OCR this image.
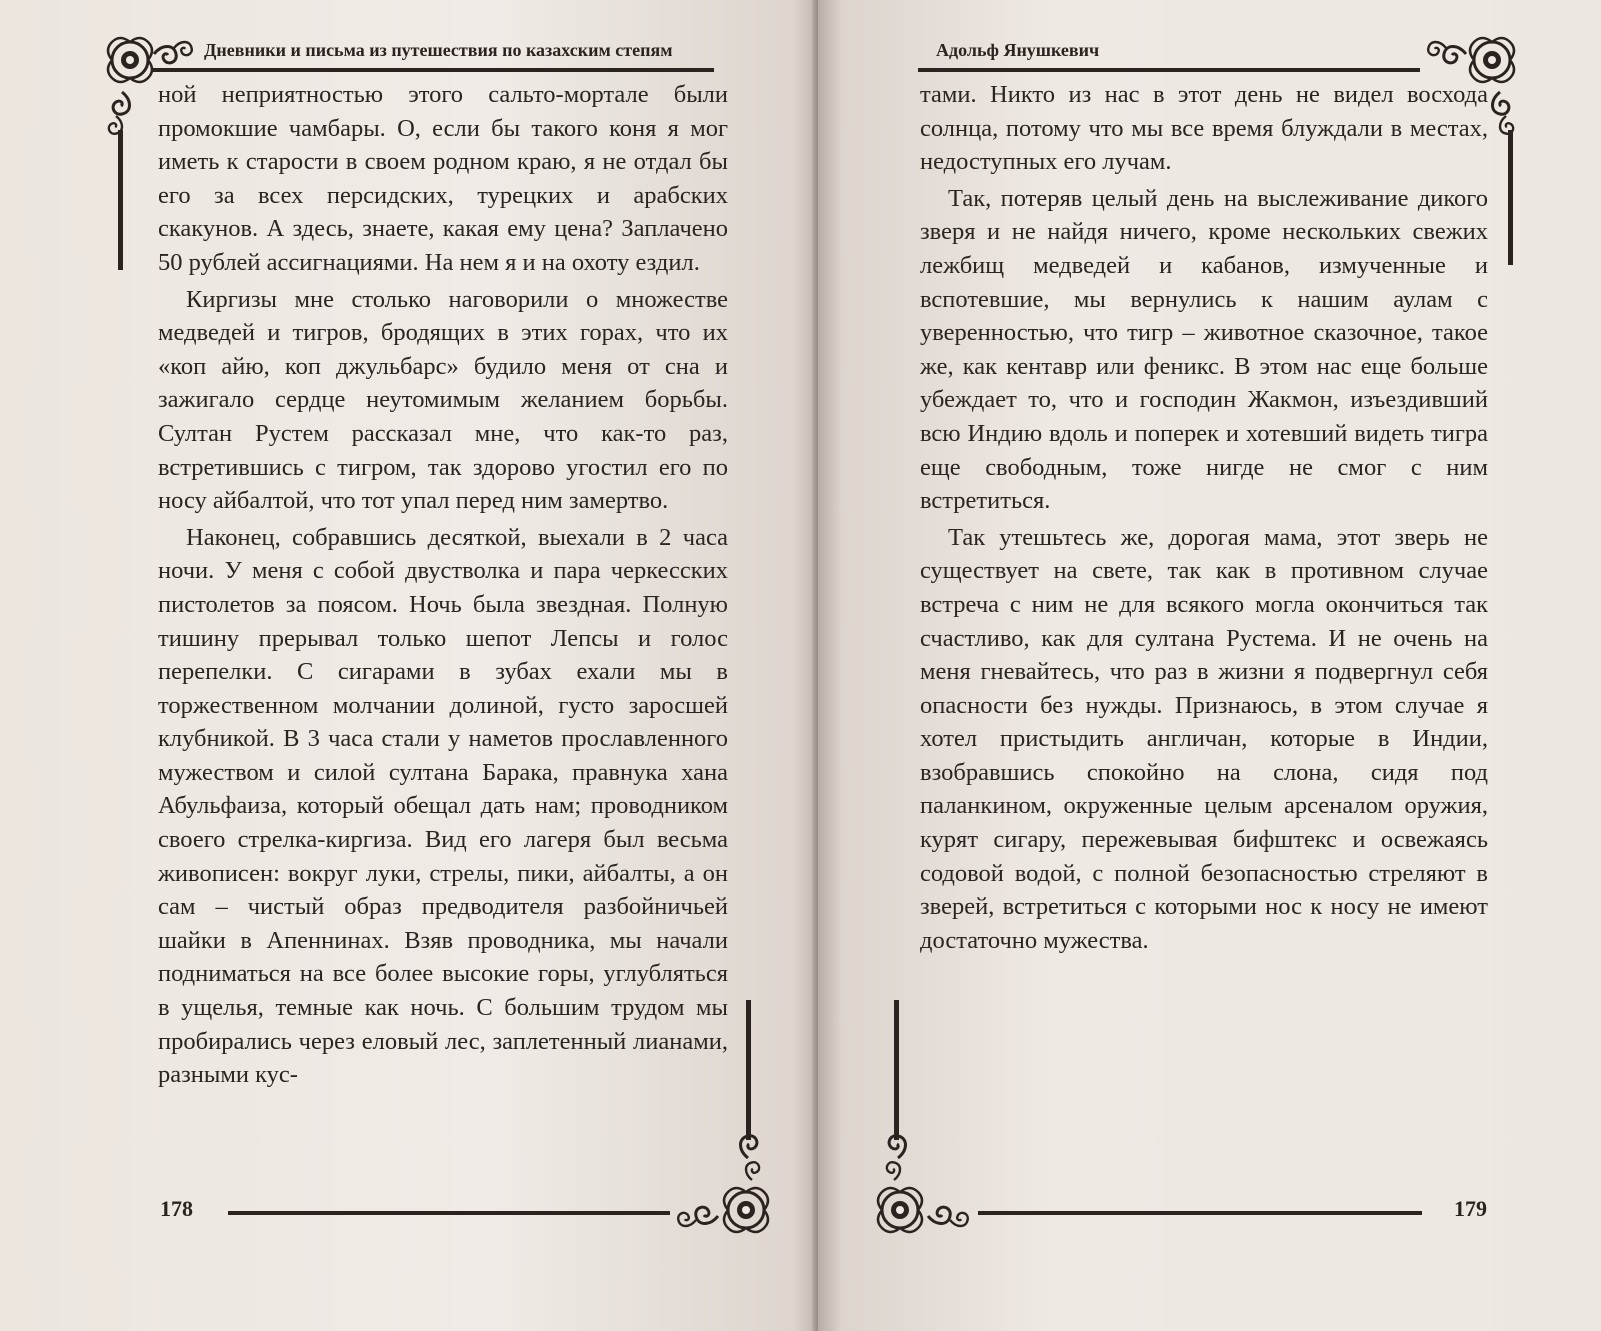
Дневники и письма из путешествия по казахским степям

ной неприятностью этого сальто-мортале были промокшие чамбары. О, если бы такого коня я мог иметь к старости в своем родном краю, я не отдал бы его за всех персидских, турецких и арабских скакунов. А здесь, знаете, какая ему цена? Заплачено 50 рублей ассигнациями. На нем я и на охоту ездил.

Киргизы мне столько наговорили о множестве медведей и тигров, бродящих в этих горах, что их «коп айю, коп джульбарс» будило меня от сна и зажигало сердце неутомимым желанием борьбы. Султан Рустем рассказал мне, что как-то раз, встретившись с тигром, так здорово угостил его по носу айбалтой, что тот упал перед ним замертво.

Наконец, собравшись десяткой, выехали в 2 часа ночи. У меня с собой двустволка и пара черкесских пистолетов за поясом. Ночь была звездная. Полную тишину прерывал только шепот Лепсы и голос перепелки. С сигарами в зубах ехали мы в торжественном молчании долиной, густо заросшей клубникой. В 3 часа стали у наметов прославленного мужеством и силой султана Барака, правнука хана Абульфаиза, который обещал дать нам; проводником своего стрелка-киргиза. Вид его лагеря был весьма живописен: вокруг луки, стрелы, пики, айбалты, а он сам – чистый образ предводителя разбойничьей шайки в Апеннинах. Взяв проводника, мы начали подниматься на все более высокие горы, углубляться в ущелья, темные как ночь. С большим трудом мы пробирались через еловый лес, заплетенный лианами, разными кус-

178
Адольф Янушкевич

тами. Никто из нас в этот день не видел восхода солнца, потому что мы все время блуждали в местах, недоступных его лучам.

Так, потеряв целый день на выслеживание дикого зверя и не найдя ничего, кроме нескольких свежих лежбищ медведей и кабанов, измученные и вспотевшие, мы вернулись к нашим аулам с уверенностью, что тигр – животное сказочное, такое же, как кентавр или феникс. В этом нас еще больше убеждает то, что и господин Жакмон, изъездивший всю Индию вдоль и поперек и хотевший видеть тигра еще свободным, тоже нигде не смог с ним встретиться.

Так утешьтесь же, дорогая мама, этот зверь не существует на свете, так как в противном случае встреча с ним не для всякого могла окончиться так счастливо, как для султана Рустема. И не очень на меня гневайтесь, что раз в жизни я подвергнул себя опасности без нужды. Признаюсь, в этом случае я хотел пристыдить англичан, которые в Индии, взобравшись спокойно на слона, сидя под паланкином, окруженные целым арсеналом оружия, курят сигару, пережевывая бифштекс и освежаясь содовой водой, с полной безопасностью стреляют в зверей, встретиться с которыми нос к носу не имеют достаточно мужества.

179
